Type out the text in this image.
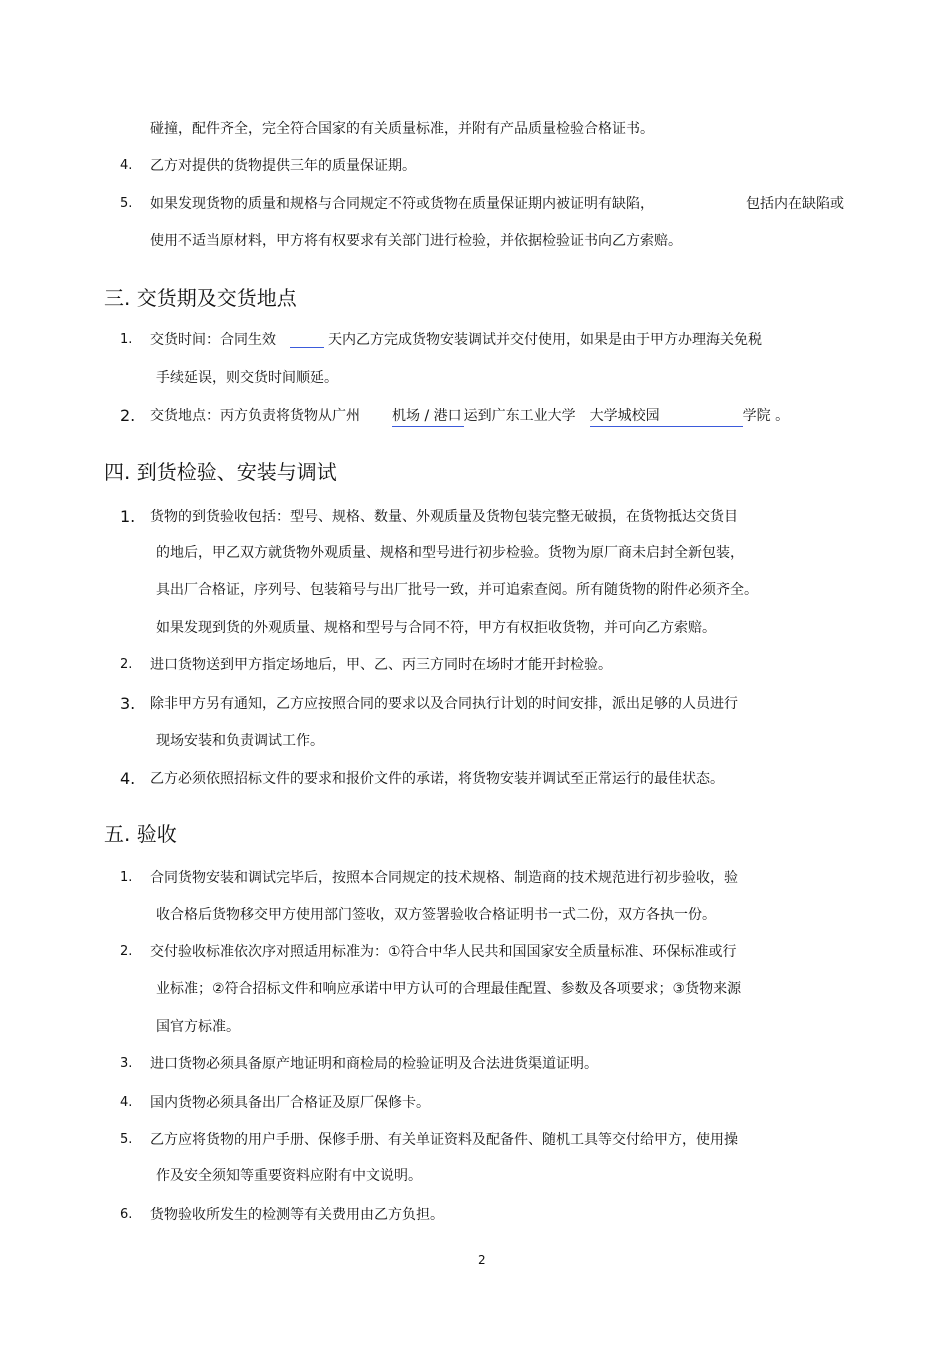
碰撞，配件齐全，完全符合国家的有关质量标准，并附有产品质量检验合格证书。
4. 乙方对提供的货物提供三年的质量保证期。
5. 如果发现货物的质量和规格与合同规定不符或货物在质量保证期内被证明有缺陷，	包括内在缺陷或
使用不适当原材料，甲方将有权要求有关部门进行检验，并依据检验证书向乙方索赔。
三. 交货期及交货地点
1. 交货时间：合同生效	天内乙方完成货物安装调试并交付使用，如果是由于甲方办理海关免税
手续延误，则交货时间顺延。
2. 交货地点：丙方负责将货物从广州 机场 / 港口 运到广东工业大学 大学城校园	学院 。
四. 到货检验、安装与调试
1. 货物的到货验收包括：型号、规格、数量、外观质量及货物包装完整无破损，在货物抵达交货目
的地后，甲乙双方就货物外观质量、规格和型号进行初步检验。货物为原厂商未启封全新包装，
具出厂合格证，序列号、包装箱号与出厂批号一致，并可追索查阅。所有随货物的附件必须齐全。
如果发现到货的外观质量、规格和型号与合同不符，甲方有权拒收货物，并可向乙方索赔。
2. 进口货物送到甲方指定场地后，甲、乙、丙三方同时在场时才能开封检验。
3. 除非甲方另有通知，乙方应按照合同的要求以及合同执行计划的时间安排，派出足够的人员进行
现场安装和负责调试工作。
4. 乙方必须依照招标文件的要求和报价文件的承诺，将货物安装并调试至正常运行的最佳状态。
五. 验收
1. 合同货物安装和调试完毕后，按照本合同规定的技术规格、制造商的技术规范进行初步验收，验
收合格后货物移交甲方使用部门签收，双方签署验收合格证明书一式二份，双方各执一份。
2. 交付验收标准依次序对照适用标准为：①符合中华人民共和国国家安全质量标准、环保标准或行
业标准；②符合招标文件和响应承诺中甲方认可的合理最佳配置、参数及各项要求；③货物来源
国官方标准。
3. 进口货物必须具备原产地证明和商检局的检验证明及合法进货渠道证明。
4. 国内货物必须具备出厂合格证及原厂保修卡。
5. 乙方应将货物的用户手册、保修手册、有关单证资料及配备件、随机工具等交付给甲方，使用操
作及安全须知等重要资料应附有中文说明。
6. 货物验收所发生的检测等有关费用由乙方负担。
2
